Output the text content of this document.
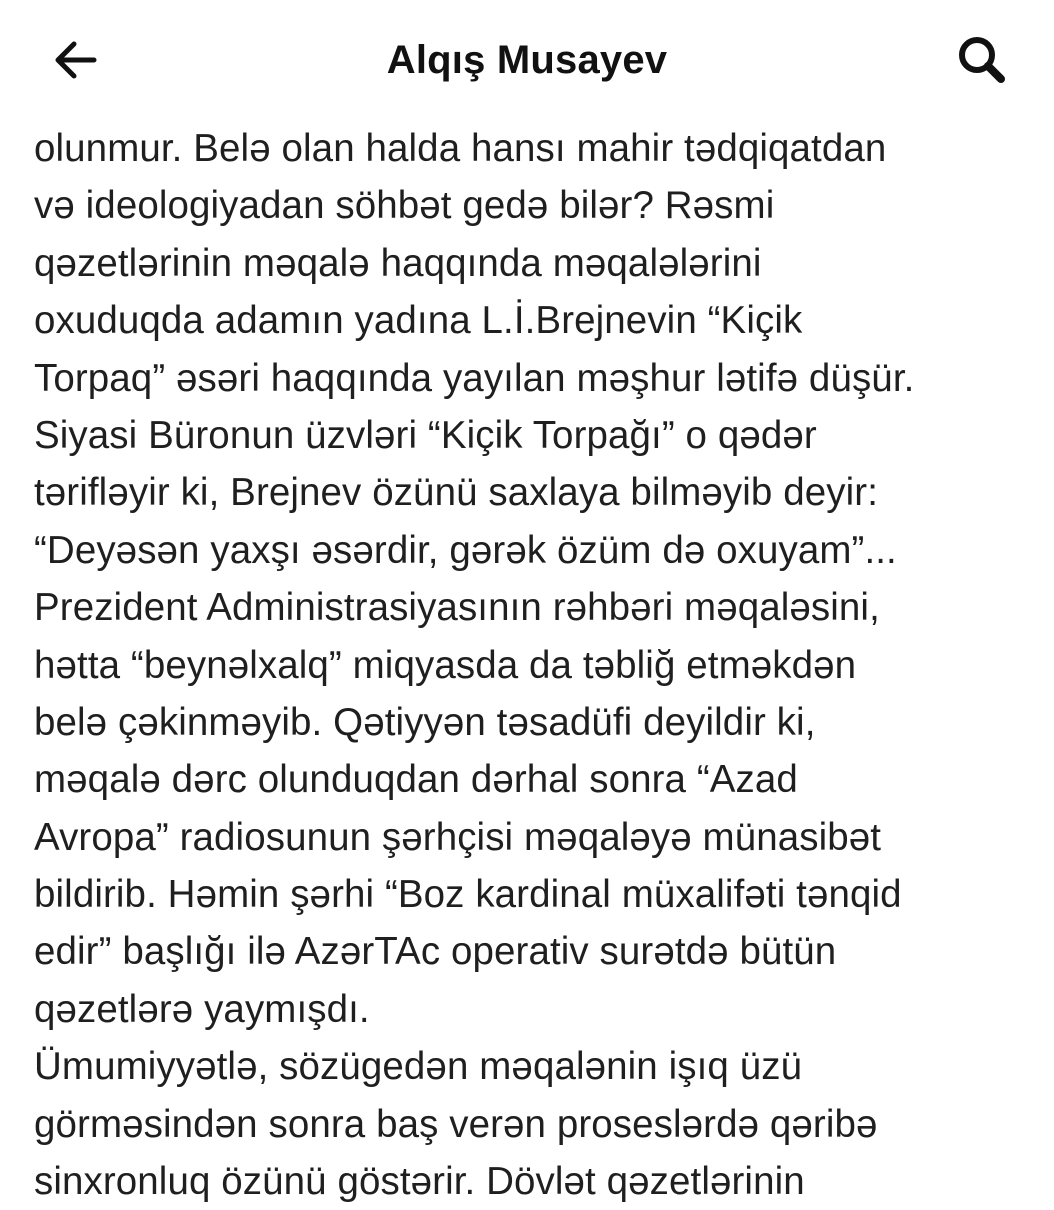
Alqış Musayev
olunmur. Belə olan halda hansı mahir tədqiqatdan
və ideologiyadan söhbət gedə bilər? Rəsmi
qəzetlərinin məqalə haqqında məqalələrini
oxuduqda adamın yadına L.İ.Brejnevin “Kiçik
Torpaq” əsəri haqqında yayılan məşhur lətifə düşür.
Siyasi Büronun üzvləri “Kiçik Torpağı” o qədər
tərifləyir ki, Brejnev özünü saxlaya bilməyib deyir:
“Deyəsən yaxşı əsərdir, gərək özüm də oxuyam”...
Prezident Administrasiyasının rəhbəri məqaləsini,
hətta “beynəlxalq” miqyasda da təbliğ etməkdən
belə çəkinməyib. Qətiyyən təsadüfi deyildir ki,
məqalə dərc olunduqdan dərhal sonra “Azad
Avropa” radiosunun şərhçisi məqaləyə münasibət
bildirib. Həmin şərhi “Boz kardinal müxalifəti tənqid
edir” başlığı ilə AzərTAc operativ surətdə bütün
qəzetlərə yaymışdı.
Ümumiyyətlə, sözügedən məqalənin işıq üzü
görməsindən sonra baş verən proseslərdə qəribə
sinxronluq özünü göstərir. Dövlət qəzetlərinin
